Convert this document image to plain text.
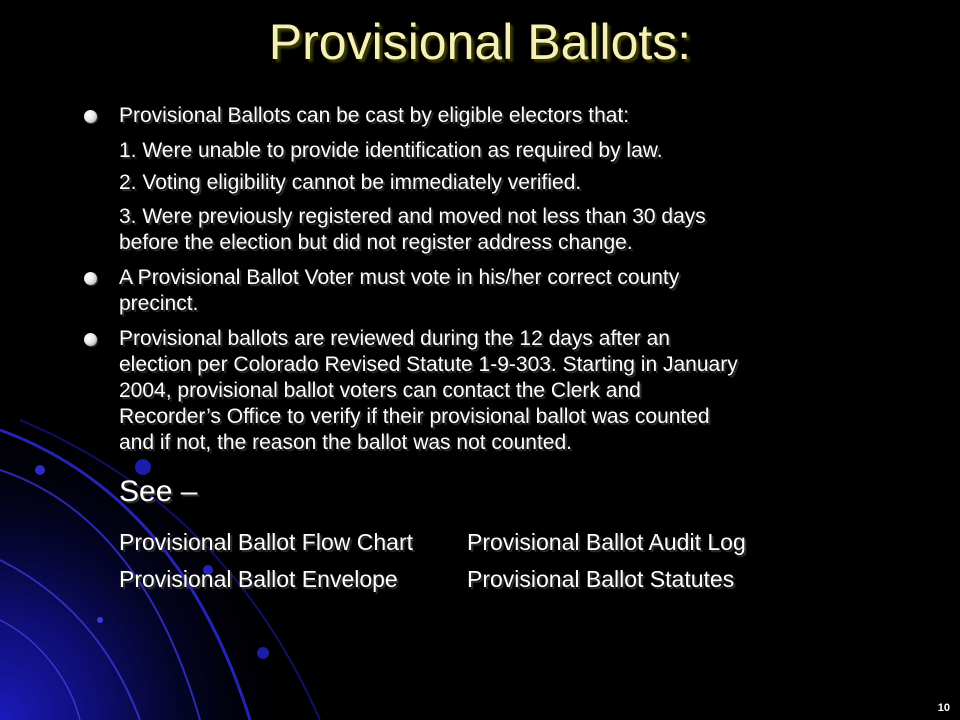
Provisional Ballots:
Provisional Ballots can be cast by eligible electors that:
1. Were unable to provide identification as required by law.
2. Voting eligibility cannot be immediately verified.
3. Were previously registered and moved not less than 30 days
before the election but did not register address change.
A Provisional Ballot Voter must vote in his/her correct county
precinct.
Provisional ballots are reviewed during the 12 days after an
election per Colorado Revised Statute 1-9-303. Starting in January
2004, provisional ballot voters can contact the Clerk and
Recorder’s Office to verify if their provisional ballot was counted
and if not, the reason the ballot was not counted.
See –
Provisional Ballot Flow Chart Provisional Ballot Audit Log
Provisional Ballot Envelope	Provisional Ballot Statutes
10
